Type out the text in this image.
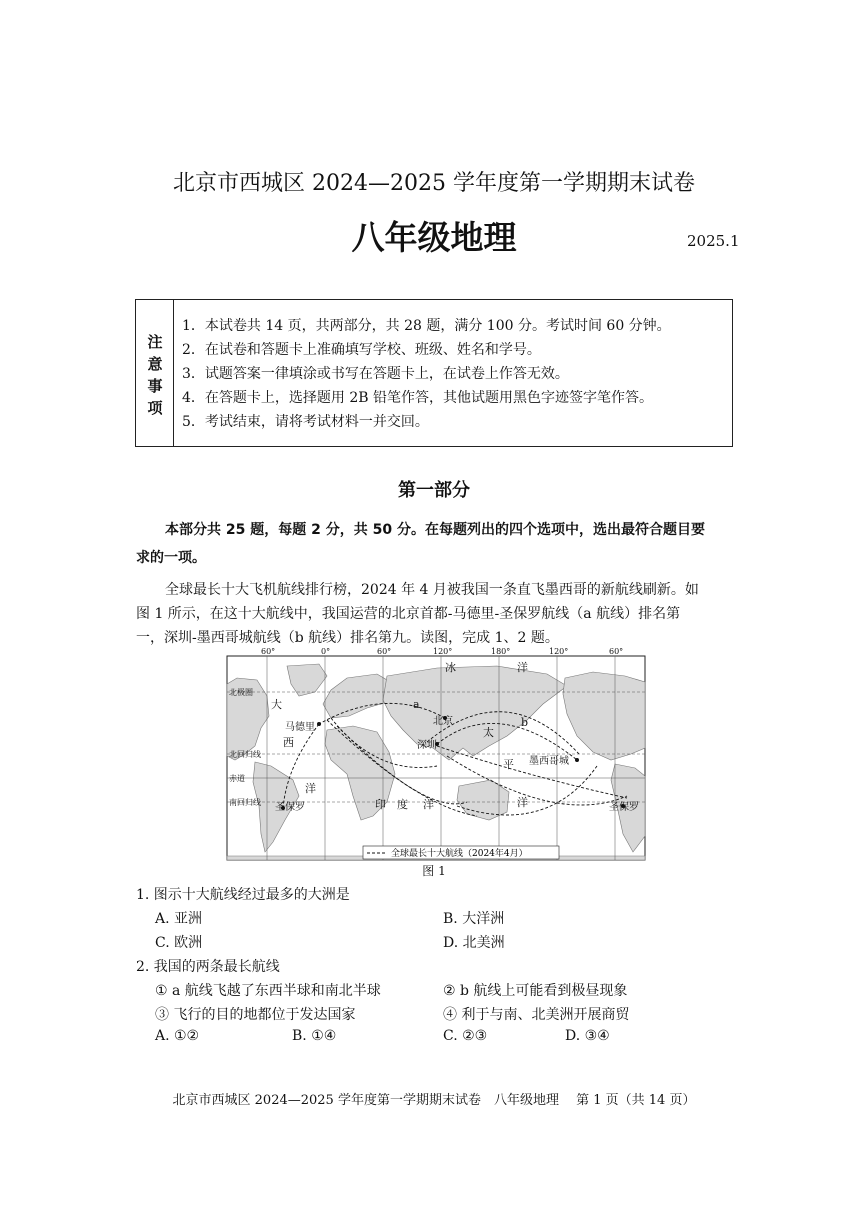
北京市西城区 2024—2025 学年度第一学期期末试卷
八年级地理	2025.1
注
意
事
项
1．本试卷共 14 页，共两部分，共 28 题，满分 100 分。考试时间 60 分钟。
2．在试卷和答题卡上准确填写学校、班级、姓名和学号。
3．试题答案一律填涂或书写在答题卡上，在试卷上作答无效。
4．在答题卡上，选择题用 2B 铅笔作答，其他试题用黑色字迹签字笔作答。
5．考试结束，请将考试材料一并交回。
第一部分
本部分共 25 题，每题 2 分，共 50 分。在每题列出的四个选项中，选出最符合题目要
求的一项。
全球最长十大飞机航线排行榜，2024 年 4 月被我国一条直飞墨西哥的新航线刷新。如
图 1 所示，在这十大航线中，我国运营的北京首都-马德里-圣保罗航线（a 航线）排名第
一，深圳-墨西哥城航线（b 航线）排名第九。读图，完成 1、2 题。
60°	0°	60°	120°	180°	120°	60°
北极圈
北回归线
赤道
南回归线
冰	洋
大
西
洋
太
平
洋
印 度 洋
马德里
北京
深圳
墨西哥城
圣保罗	圣保罗
a
b
全球最长十大航线（2024年4月）
图 1
1. 图示十大航线经过最多的大洲是
A. 亚洲	B. 大洋洲
C. 欧洲	D. 北美洲
2. 我国的两条最长航线
① a 航线飞越了东西半球和南北半球	② b 航线上可能看到极昼现象
③ 飞行的目的地都位于发达国家	④ 利于与南、北美洲开展商贸
A. ①②	B. ①④	C. ②③	D. ③④
北京市西城区 2024—2025 学年度第一学期期末试卷　八年级地理　 第 1 页（共 14 页）
